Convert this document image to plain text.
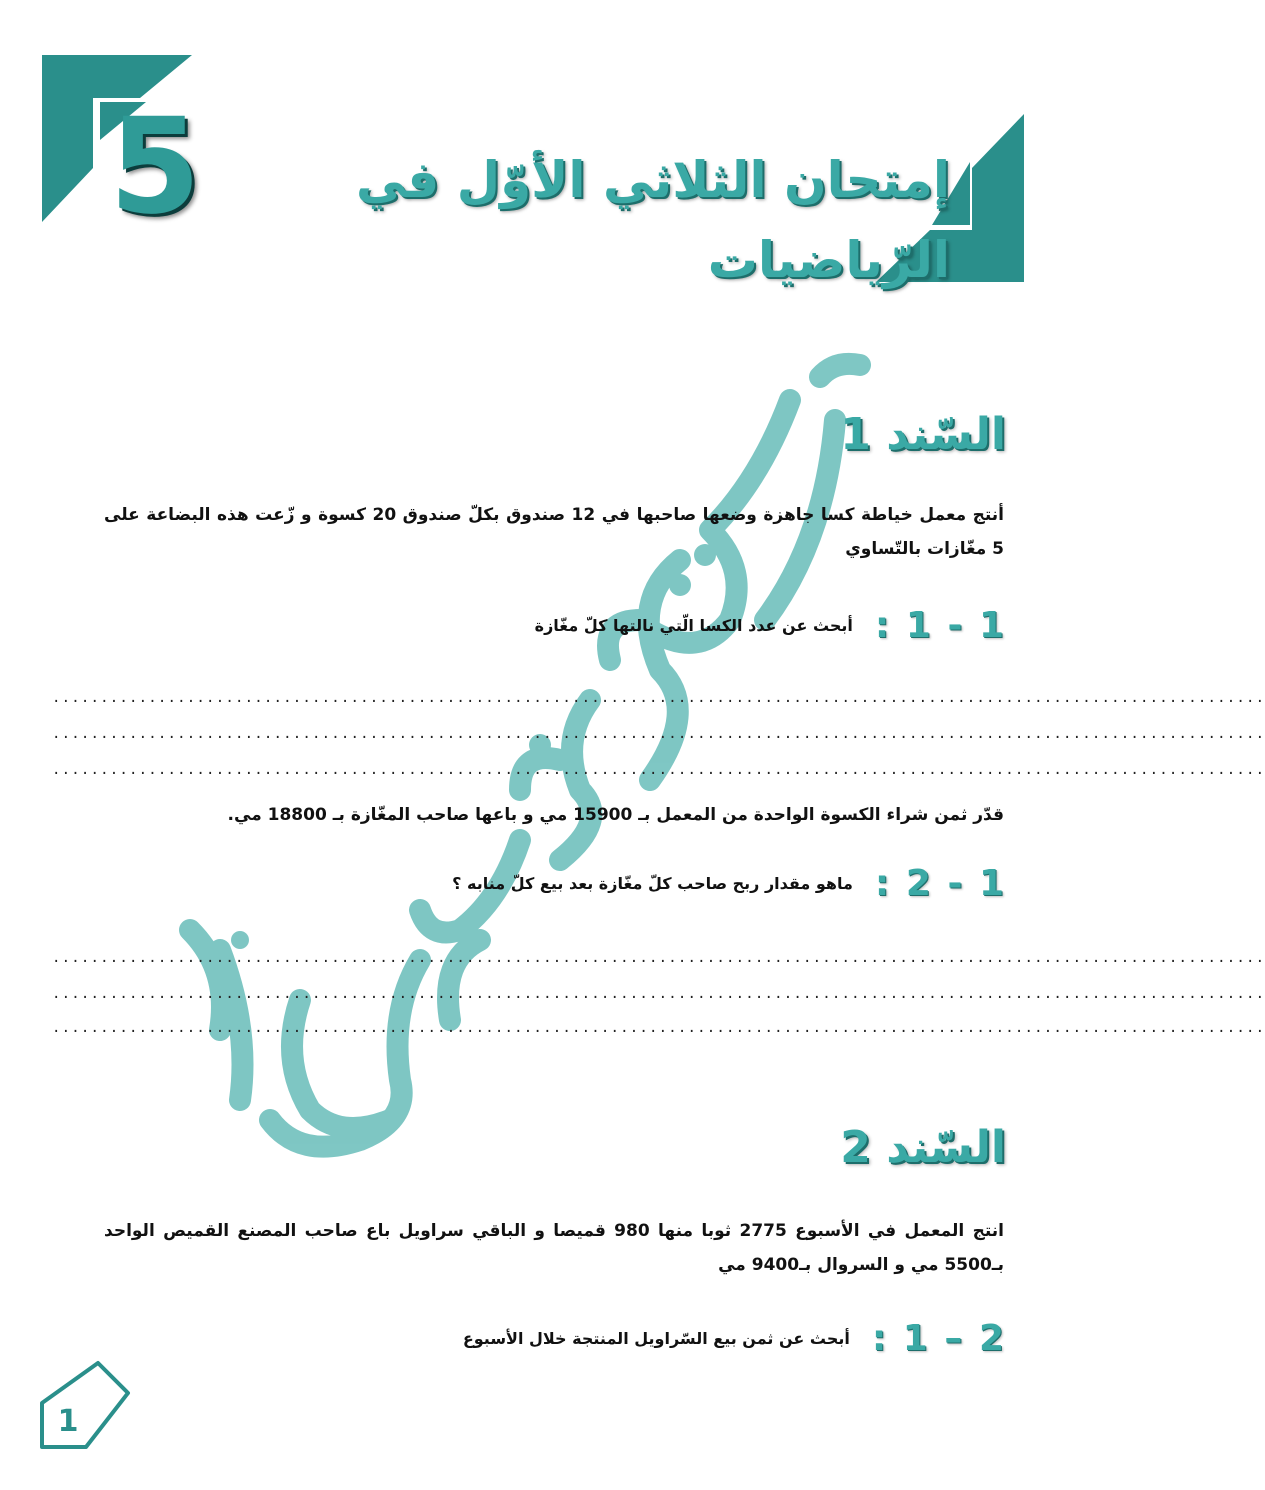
5	إمتحان الثلاثي الأوّل في الرّياضيات
السّند 1
أنتج معمل خياطة كسا جاهزة وضعها صاحبها في 12 صندوق بكلّ صندوق 20 كسوة و زّعت هذه البضاعة على 5 مغّازات بالتّساوي
1 - 1 :
أبحث عن عدد الكسا الّتي نالتها كلّ مغّازة
..............................................................................................................................
..............................................................................................................................
..............................................................................................................................
قدّر ثمن شراء الكسوة الواحدة من المعمل بـ 15900 مي و باعها صاحب المغّازة بـ 18800 مي.
1 - 2 :
ماهو مقدار ربح صاحب كلّ مغّازة بعد بيع كلّ منابه ؟
..............................................................................................................................
..............................................................................................................................
..............................................................................................................................
السّند 2
انتج المعمل في الأسبوع 2775 ثوبا منها 980 قميصا و الباقي سراويل باع صاحب المصنع القميص الواحد بـ5500 مي و السروال بـ9400 مي
2 – 1 :
أبحث عن ثمن بيع السّراويل المنتجة خلال الأسبوع
1
